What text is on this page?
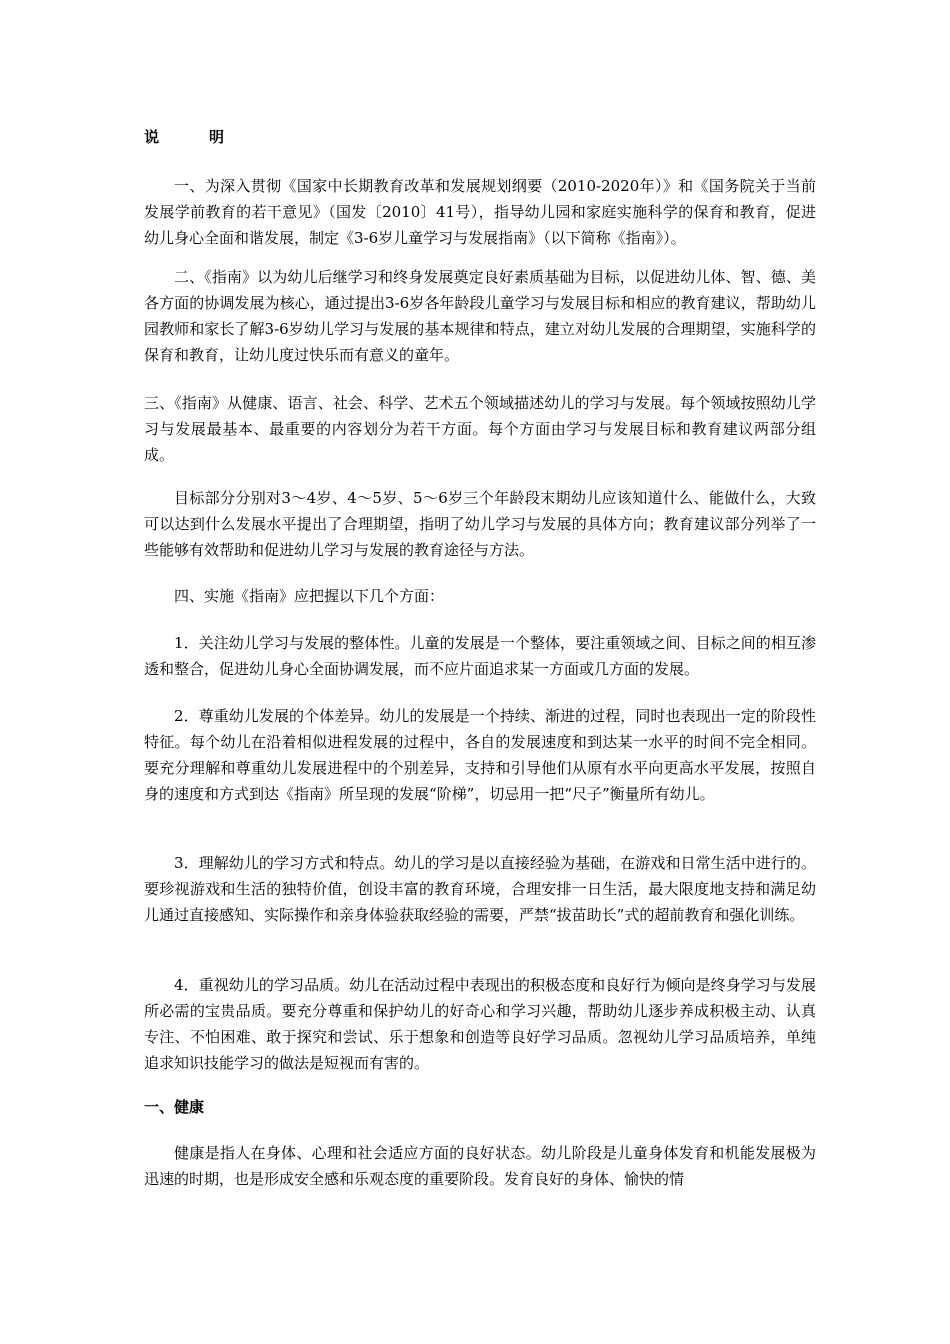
说	明

一、为深入贯彻《国家中长期教育改革和发展规划纲要（2010-2020年）》和《国务院关于当前发展学前教育的若干意见》（国发〔2010〕41号），指导幼儿园和家庭实施科学的保育和教育，促进幼儿身心全面和谐发展，制定《3-6岁儿童学习与发展指南》（以下简称《指南》）。

二、《指南》以为幼儿后继学习和终身发展奠定良好素质基础为目标，以促进幼儿体、智、德、美各方面的协调发展为核心，通过提出3-6岁各年龄段儿童学习与发展目标和相应的教育建议，帮助幼儿园教师和家长了解3-6岁幼儿学习与发展的基本规律和特点，建立对幼儿发展的合理期望，实施科学的保育和教育，让幼儿度过快乐而有意义的童年。

三、《指南》从健康、语言、社会、科学、艺术五个领域描述幼儿的学习与发展。每个领域按照幼儿学习与发展最基本、最重要的内容划分为若干方面。每个方面由学习与发展目标和教育建议两部分组成。

目标部分分别对3～4岁、4～5岁、5～6岁三个年龄段末期幼儿应该知道什么、能做什么，大致可以达到什么发展水平提出了合理期望，指明了幼儿学习与发展的具体方向；教育建议部分列举了一些能够有效帮助和促进幼儿学习与发展的教育途径与方法。

四、实施《指南》应把握以下几个方面：

1．关注幼儿学习与发展的整体性。儿童的发展是一个整体，要注重领域之间、目标之间的相互渗透和整合，促进幼儿身心全面协调发展，而不应片面追求某一方面或几方面的发展。

2．尊重幼儿发展的个体差异。幼儿的发展是一个持续、渐进的过程，同时也表现出一定的阶段性特征。每个幼儿在沿着相似进程发展的过程中，各自的发展速度和到达某一水平的时间不完全相同。要充分理解和尊重幼儿发展进程中的个别差异，支持和引导他们从原有水平向更高水平发展，按照自身的速度和方式到达《指南》所呈现的发展“阶梯”，切忌用一把“尺子”衡量所有幼儿。

3．理解幼儿的学习方式和特点。幼儿的学习是以直接经验为基础，在游戏和日常生活中进行的。要珍视游戏和生活的独特价值，创设丰富的教育环境，合理安排一日生活，最大限度地支持和满足幼儿通过直接感知、实际操作和亲身体验获取经验的需要，严禁“拔苗助长”式的超前教育和强化训练。

4．重视幼儿的学习品质。幼儿在活动过程中表现出的积极态度和良好行为倾向是终身学习与发展所必需的宝贵品质。要充分尊重和保护幼儿的好奇心和学习兴趣，帮助幼儿逐步养成积极主动、认真专注、不怕困难、敢于探究和尝试、乐于想象和创造等良好学习品质。忽视幼儿学习品质培养，单纯追求知识技能学习的做法是短视而有害的。

一、健康

健康是指人在身体、心理和社会适应方面的良好状态。幼儿阶段是儿童身体发育和机能发展极为迅速的时期，也是形成安全感和乐观态度的重要阶段。发育良好的身体、愉快的情
